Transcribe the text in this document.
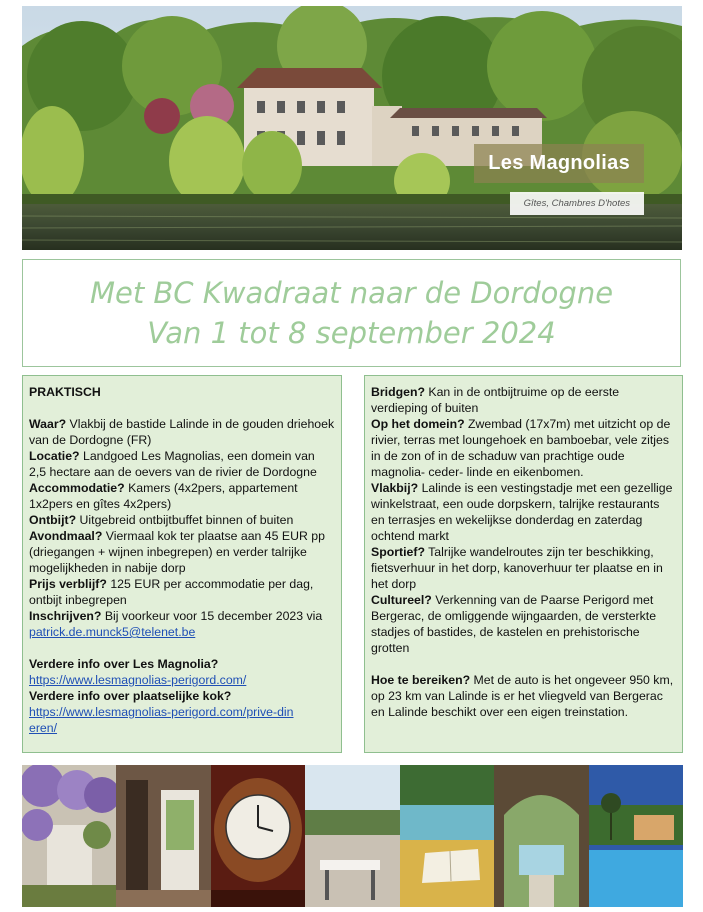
Les Magnolias
Gîtes, Chambres D'hotes
Met BC Kwadraat naar de Dordogne
Van 1 tot 8 september 2024

PRAKTISCH

Waar? Vlakbij de bastide Lalinde in de gouden driehoek van de Dordogne (FR)

Locatie? Landgoed Les Magnolias, een domein van 2,5 hectare aan de oevers van de rivier de Dordogne

Accommodatie? Kamers (4x2pers, appartement 1x2pers en gîtes 4x2pers)

Ontbijt? Uitgebreid ontbijtbuffet binnen of buiten

Avondmaal? Viermaal kok ter plaatse aan 45 EUR pp (driegangen + wijnen inbegrepen) en verder talrijke mogelijkheden in nabije dorp

Prijs verblijf? 125 EUR per accommodatie per dag, ontbijt inbegrepen

Inschrijven? Bij voorkeur voor 15 december 2023 via

patrick.de.munck5@telenet.be

Verdere info over Les Magnolia?

https://www.lesmagnolias-perigord.com/

Verdere info over plaatselijke kok?

https://www.lesmagnolias-perigord.com/prive-dineren/

Bridgen? Kan in de ontbijtruime op de eerste verdieping of buiten

Op het domein? Zwembad (17x7m) met uitzicht op de rivier, terras met loungehoek en bamboebar, vele zitjes in de zon of in de schaduw van prachtige oude magnolia- ceder- linde en eikenbomen.

Vlakbij? Lalinde is een vestingstadje met een gezellige winkelstraat, een oude dorpskern, talrijke restaurants en terrasjes en wekelijkse donderdag en zaterdag ochtend markt

Sportief? Talrijke wandelroutes zijn ter beschikking, fietsverhuur in het dorp, kanoverhuur ter plaatse en in het dorp

Cultureel? Verkenning van de Paarse Perigord met Bergerac, de omliggende wijngaarden, de versterkte stadjes of bastides, de kastelen en prehistorische grotten

Hoe te bereiken? Met de auto is het ongeveer 950 km, op 23 km van Lalinde is er het vliegveld van Bergerac en Lalinde beschikt over een eigen treinstation.
